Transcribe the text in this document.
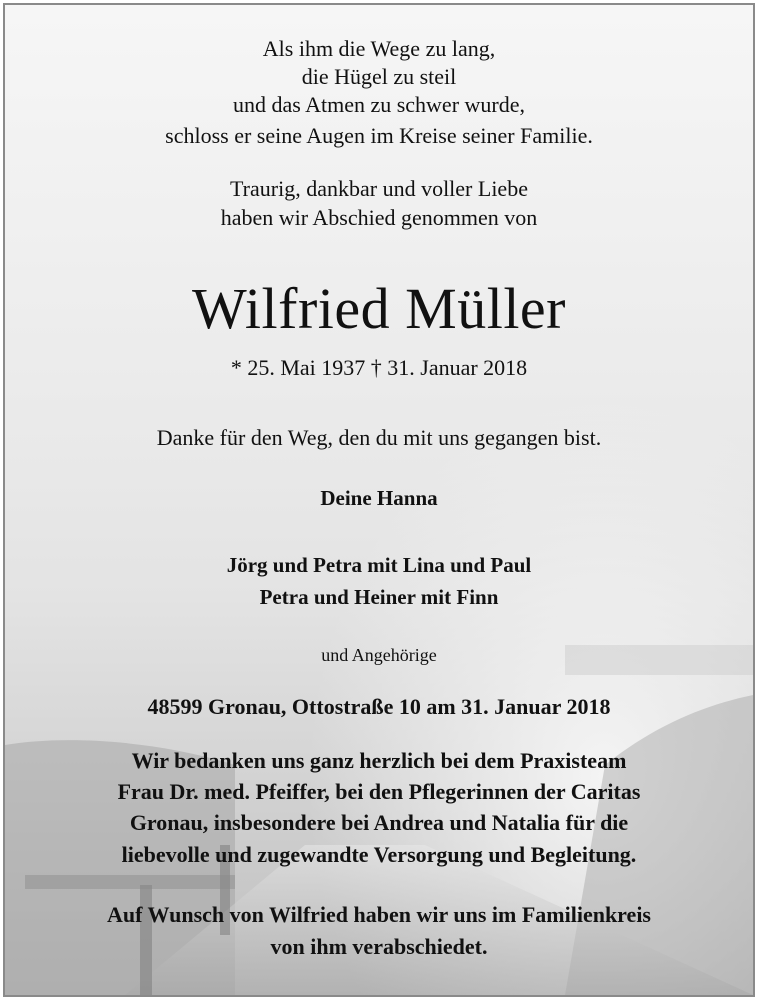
Als ihm die Wege zu lang,
die Hügel zu steil
und das Atmen zu schwer wurde,
schloss er seine Augen im Kreise seiner Familie.
Traurig, dankbar und voller Liebe
haben wir Abschied genommen von
Wilfried Müller
* 25. Mai 1937 † 31. Januar 2018
Danke für den Weg, den du mit uns gegangen bist.
Deine Hanna
Jörg und Petra mit Lina und Paul
Petra und Heiner mit Finn
und Angehörige
48599 Gronau, Ottostraße 10 am 31. Januar 2018
Wir bedanken uns ganz herzlich bei dem Praxisteam
Frau Dr. med. Pfeiffer, bei den Pflegerinnen der Caritas
Gronau, insbesondere bei Andrea und Natalia für die
liebevolle und zugewandte Versorgung und Begleitung.
Auf Wunsch von Wilfried haben wir uns im Familienkreis
von ihm verabschiedet.
